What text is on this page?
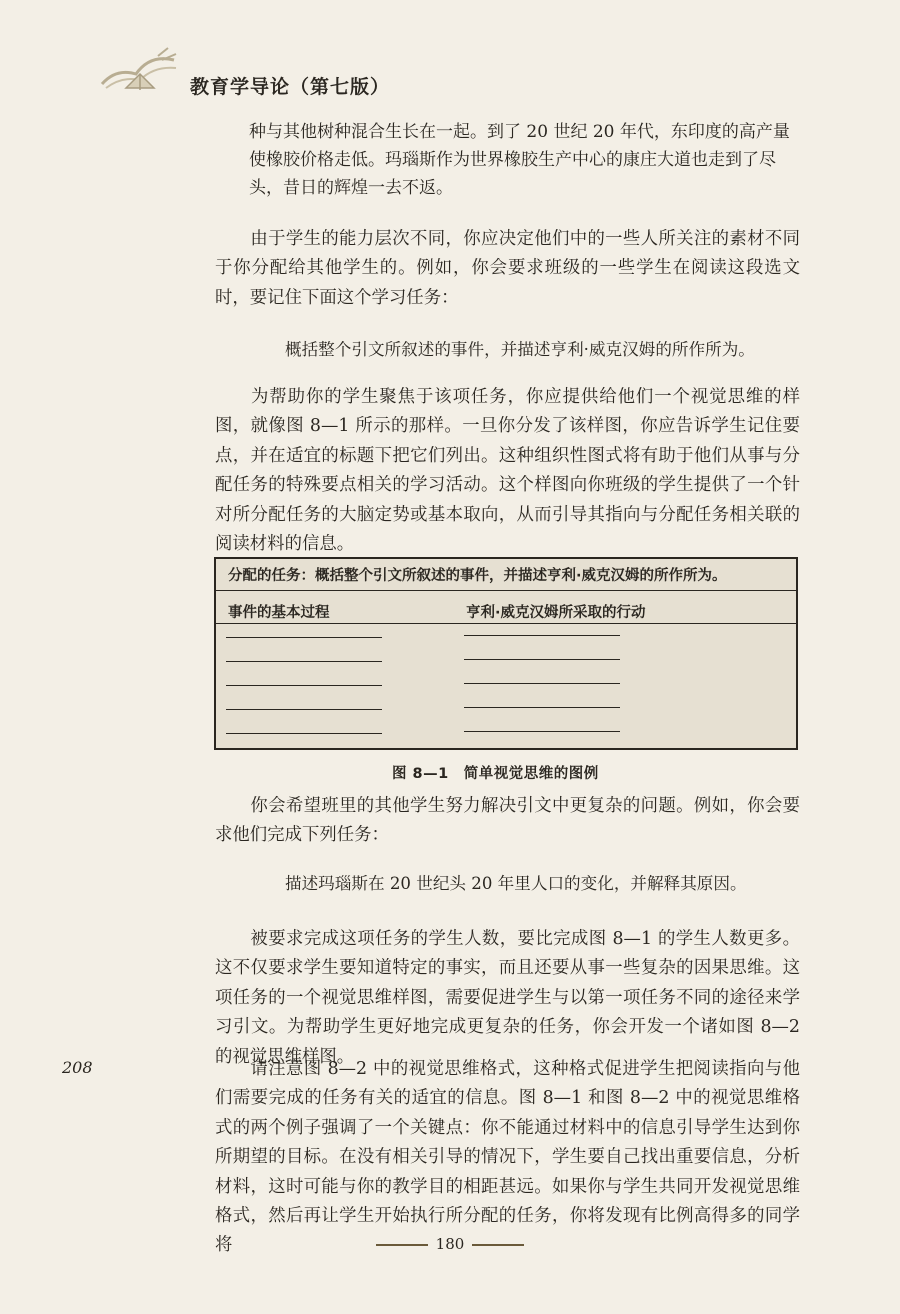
教育学导论（第七版）

种与其他树种混合生长在一起。到了 20 世纪 20 年代，东印度的高产量

使橡胶价格走低。玛瑙斯作为世界橡胶生产中心的康庄大道也走到了尽

头，昔日的辉煌一去不返。

由于学生的能力层次不同，你应决定他们中的一些人所关注的素材不同于你分配给其他学生的。例如，你会要求班级的一些学生在阅读这段选文时，要记住下面这个学习任务：

概括整个引文所叙述的事件，并描述亨利·威克汉姆的所作所为。

为帮助你的学生聚焦于该项任务，你应提供给他们一个视觉思维的样图，就像图 8—1 所示的那样。一旦你分发了该样图，你应告诉学生记住要点，并在适宜的标题下把它们列出。这种组织性图式将有助于他们从事与分配任务的特殊要点相关的学习活动。这个样图向你班级的学生提供了一个针对所分配任务的大脑定势或基本取向，从而引导其指向与分配任务相关联的阅读材料的信息。

分配的任务：概括整个引文所叙述的事件，并描述亨利·威克汉姆的所作所为。
事件的基本过程	亨利·威克汉姆所采取的行动
图 8—1　简单视觉思维的图例

你会希望班里的其他学生努力解决引文中更复杂的问题。例如，你会要求他们完成下列任务：

描述玛瑙斯在 20 世纪头 20 年里人口的变化，并解释其原因。

被要求完成这项任务的学生人数，要比完成图 8—1 的学生人数更多。这不仅要求学生要知道特定的事实，而且还要从事一些复杂的因果思维。这项任务的一个视觉思维样图，需要促进学生与以第一项任务不同的途径来学习引文。为帮助学生更好地完成更复杂的任务，你会开发一个诸如图 8—2 的视觉思维样图。

208	请注意图 8—2 中的视觉思维格式，这种格式促进学生把阅读指向与他们需要完成的任务有关的适宜的信息。图 8—1 和图 8—2 中的视觉思维格式的两个例子强调了一个关键点：你不能通过材料中的信息引导学生达到你所期望的目标。在没有相关引导的情况下，学生要自己找出重要信息，分析材料，这时可能与你的教学目的相距甚远。如果你与学生共同开发视觉思维格式，然后再让学生开始执行所分配的任务，你将发现有比例高得多的同学将	180
